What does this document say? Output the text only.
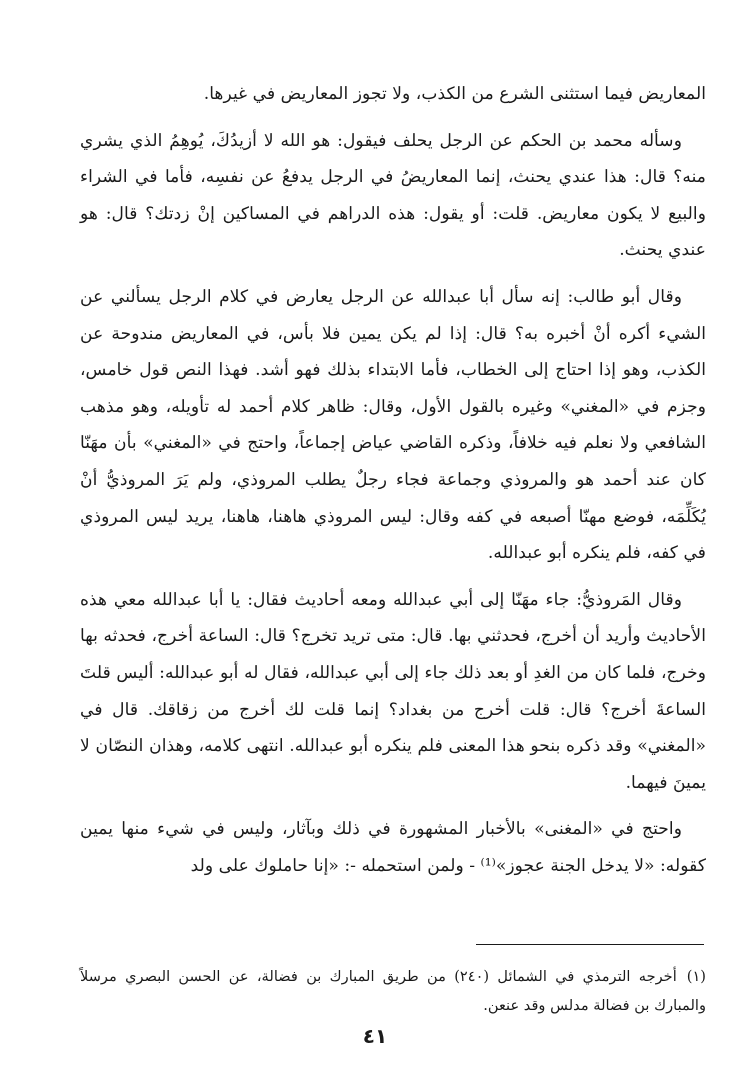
المعاريض فيما استثنى الشرع من الكذب، ولا تجوز المعاريض في غيرها.

وسأله محمد بن الحكم عن الرجل يحلف فيقول: هو الله لا أزيدُكَ، يُوهِمُ الذي يشري منه؟ قال: هذا عندي يحنث، إنما المعاريضُ في الرجل يدفعُ عن نفسِه، فأما في الشراء والبيع لا يكون معاريض. قلت: أو يقول: هذه الدراهم في المساكين إنْ زدتك؟ قال: هو عندي يحنث.

وقال أبو طالب: إنه سأل أبا عبدالله عن الرجل يعارض في كلام الرجل يسألني عن الشيء أكره أنْ أخبره به؟ قال: إذا لم يكن يمين فلا بأس، في المعاريض مندوحة عن الكذب، وهو إذا احتاج إلى الخطاب، فأما الابتداء بذلك فهو أشد. فهذا النص قول خامس، وجزم في «المغني» وغيره بالقول الأول، وقال: ظاهر كلام أحمد له تأويله، وهو مذهب الشافعي ولا نعلم فيه خلافاً، وذكره القاضي عياض إجماعاً، واحتج في «المغني» بأن مهَنّا كان عند أحمد هو والمروذي وجماعة فجاء رجلٌ يطلب المروذي، ولم يَرَ المروذيُّ أنْ يُكَلِّمَه، فوضع مهنّا أصبعه في كفه وقال: ليس المروذي هاهنا، هاهنا، يريد ليس المروذي في كفه، فلم ينكره أبو عبدالله.

وقال المَروذيُّ: جاء مهَنّا إلى أبي عبدالله ومعه أحاديث فقال: يا أبا عبدالله معي هذه الأحاديث وأريد أن أخرج، فحدثني بها. قال: متى تريد تخرج؟ قال: الساعة أخرج، فحدثه بها وخرج، فلما كان من الغدِ أو بعد ذلك جاء إلى أبي عبدالله، فقال له أبو عبدالله: أليس قلتَ الساعةَ أخرج؟ قال: قلت أخرج من بغداد؟ إنما قلت لك أخرج من زقاقك. قال في «المغني» وقد ذكره بنحو هذا المعنى فلم ينكره أبو عبدالله. انتهى كلامه، وهذان النصّان لا يمينَ فيهما.

واحتج في «المغنى» بالأخبار المشهورة في ذلك وبآثار، وليس في شيء منها يمين كقوله: «لا يدخل الجنة عجوز»⁽¹⁾ - ولمن استحمله -: «إنا حاملوك على ولد

(١)أخرجه الترمذي في الشمائل (٢٤٠) من طريق المبارك بن فضالة، عن الحسن البصري مرسلاً والمبارك بن فضالة مدلس وقد عنعن.
٤١
